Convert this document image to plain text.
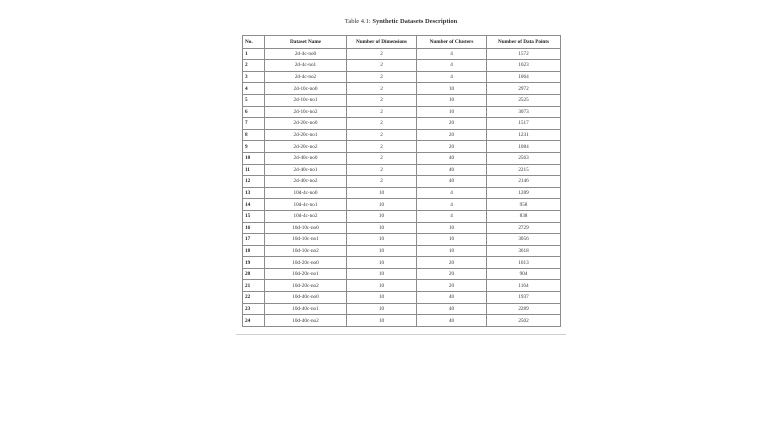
Table 4.1: Synthetic Datasets Description
No.	Dataset Name	Number of Dimensions	Number of Clusters	Number of Data Points
1	2d-4c-no0	2	4	1572
2	2d-4c-no1	2	4	1623
3	2d-4c-no2	2	4	1064
4	2d-10c-no0	2	10	2972
5	2d-10c-no1	2	10	2525
6	2d-10c-no2	2	10	3073
7	2d-20c-no0	2	20	1517
8	2d-20c-no1	2	20	1231
9	2d-20c-no2	2	20	1084
10	2d-40c-no0	2	40	2563
11	2d-40c-no1	2	40	2215
12	2d-40c-no2	2	40	2146
13	10d-4c-no0	10	4	1289
14	10d-4c-no1	10	4	958
15	10d-4c-no2	10	4	838
16	10d-10c-no0	10	10	2729
17	10d-10c-no1	10	10	3056
18	10d-10c-no2	10	10	3618
19	10d-20c-no0	10	20	1013
20	10d-20c-no1	10	20	904
21	10d-20c-no2	10	20	1164
22	10d-40c-no0	10	40	1937
23	10d-40c-no1	10	40	2289
24	10d-40c-no2	10	40	2502
